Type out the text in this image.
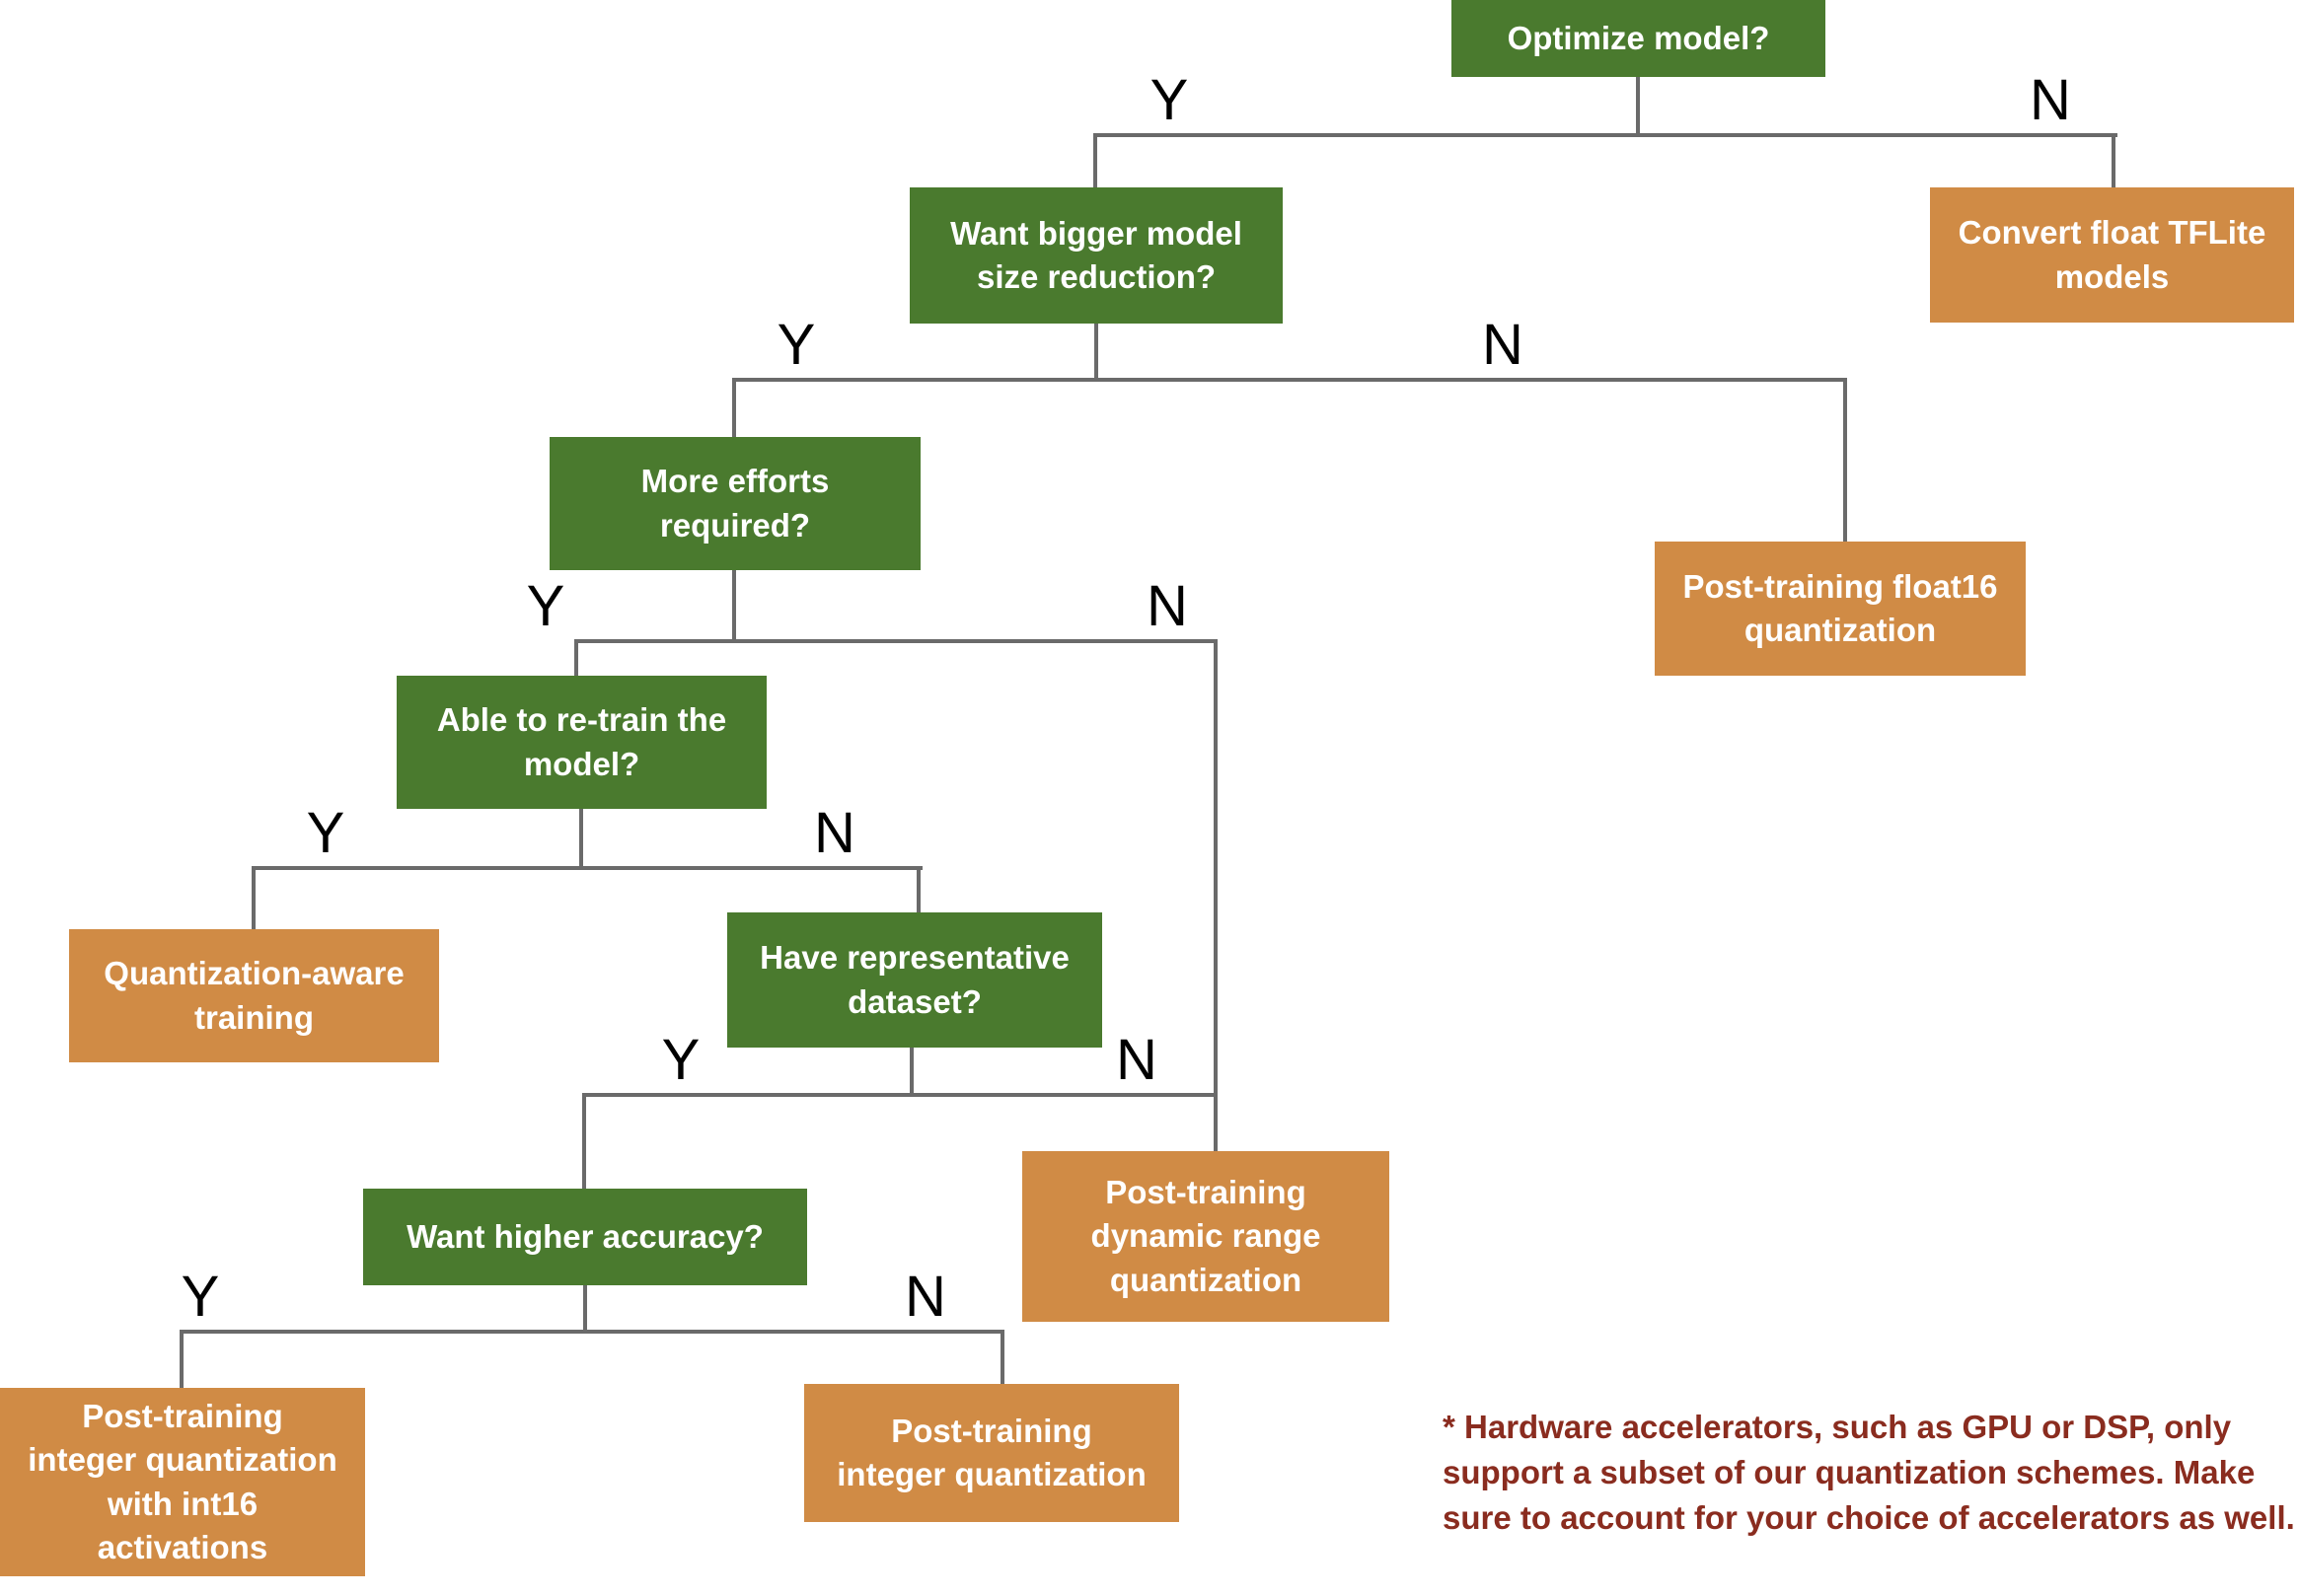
Optimize model?
Want bigger model
size reduction?
Convert float TFLite
models
More efforts
required?
Post-training float16
quantization
Able to re-train the
model?
Quantization-aware
training
Have representative
dataset?
Want higher accuracy?
Post-training
dynamic range
quantization
Post-training
integer quantization
with int16
activations
Post-training
integer quantization
Y	N
Y	N
Y	N
Y	N
Y	N
Y	N
* Hardware accelerators, such as GPU or DSP, only
support a subset of our quantization schemes. Make
sure to account for your choice of accelerators as well.
